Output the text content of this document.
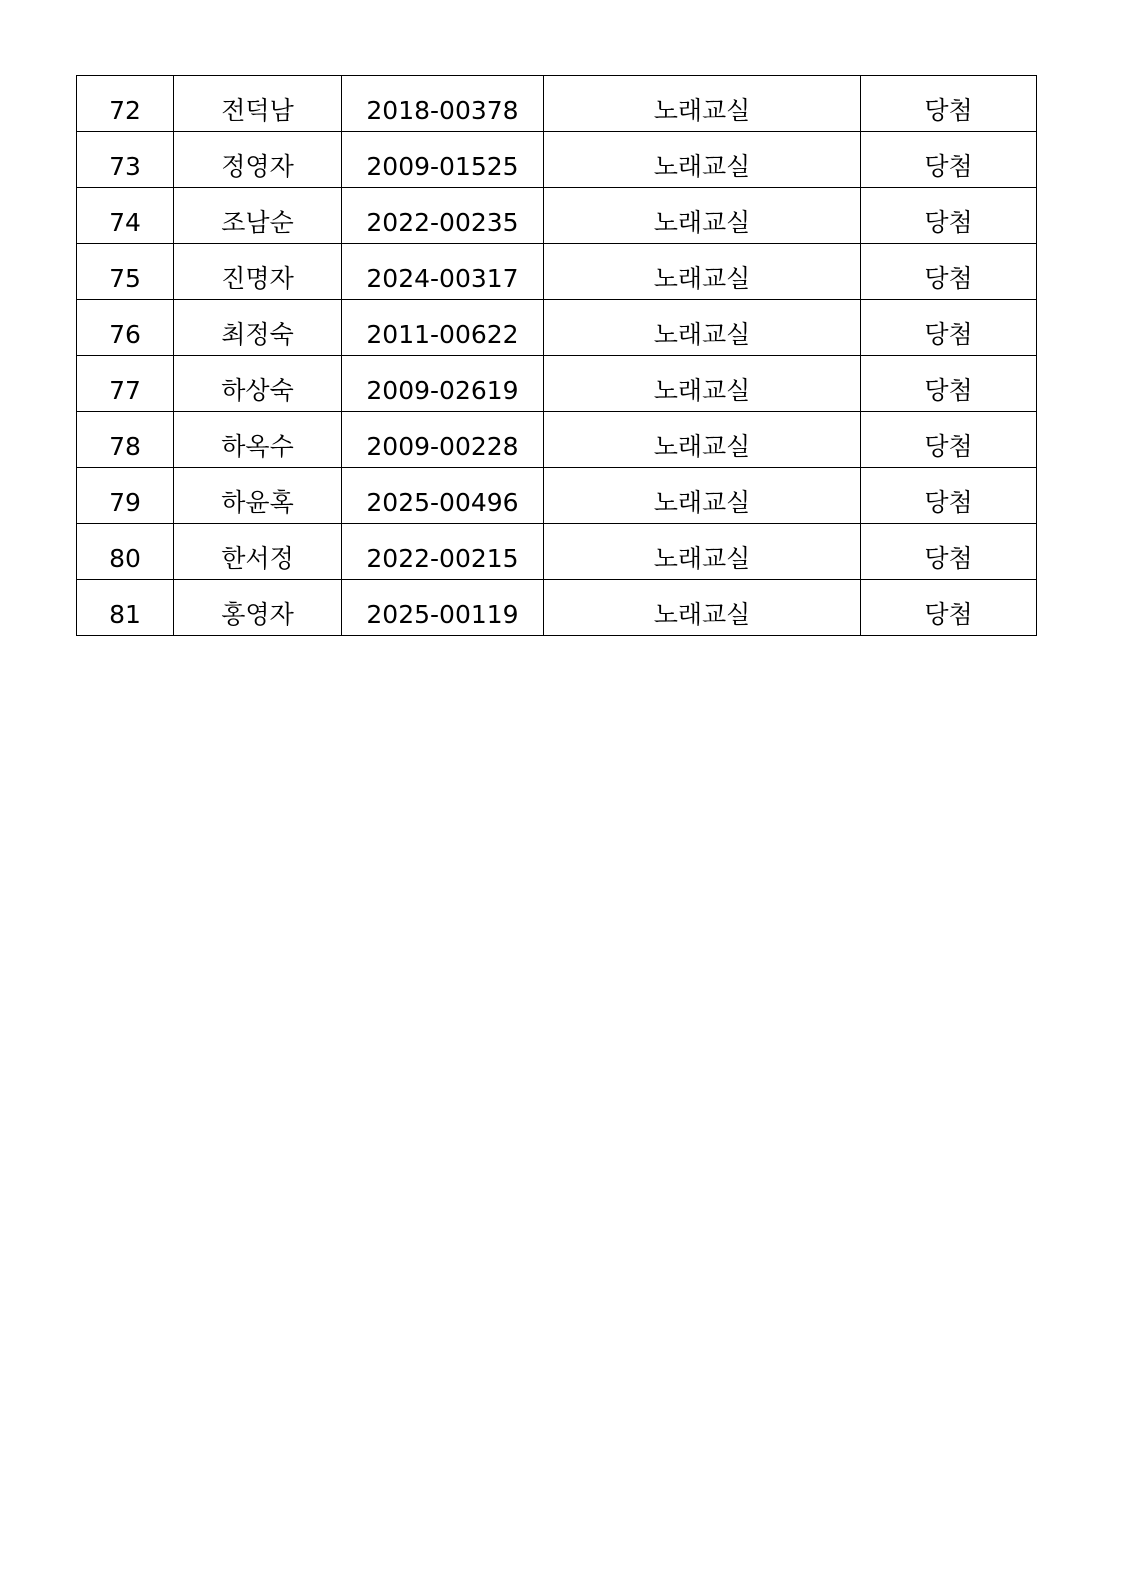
72	전덕남	2018-00378	노래교실	당첨
73	정영자	2009-01525	노래교실	당첨
74	조남순	2022-00235	노래교실	당첨
75	진명자	2024-00317	노래교실	당첨
76	최정숙	2011-00622	노래교실	당첨
77	하상숙	2009-02619	노래교실	당첨
78	하옥수	2009-00228	노래교실	당첨
79	하윤혹	2025-00496	노래교실	당첨
80	한서정	2022-00215	노래교실	당첨
81	홍영자	2025-00119	노래교실	당첨
